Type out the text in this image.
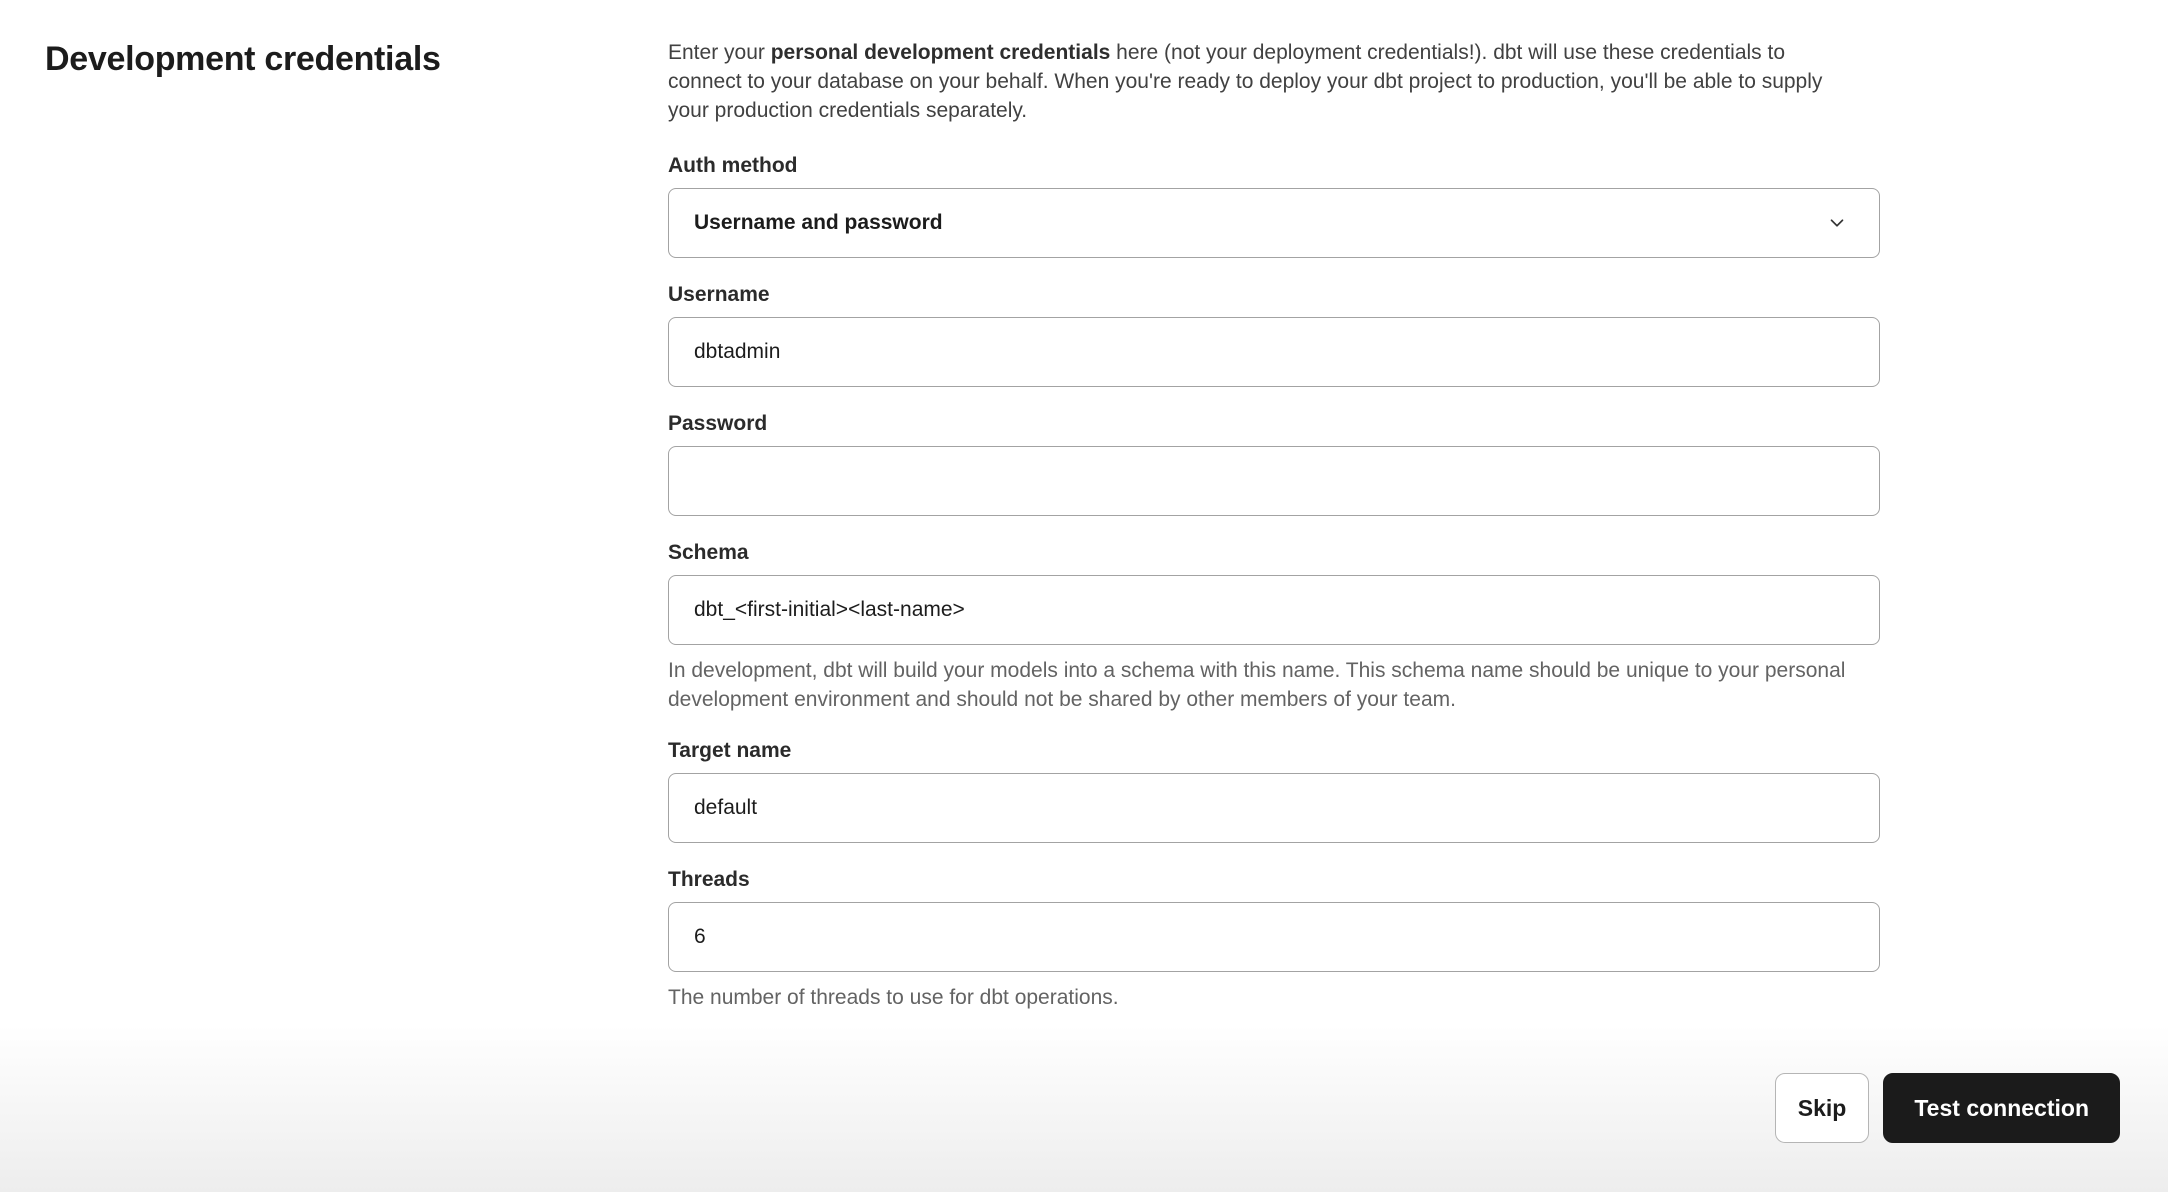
Development credentials	Enter your personal development credentials here (not your deployment credentials!). dbt will use these credentials to connect to your database on your behalf. When you're ready to deploy your dbt project to production, you'll be able to supply your production credentials separately.

Auth method
Username and password
Username
dbtadmin
Password
Schema
dbt_<first-initial><last-name>

In development, dbt will build your models into a schema with this name. This schema name should be unique to your personal development environment and should not be shared by other members of your team.

Target name
default
Threads
6

The number of threads to use for dbt operations.

Skip	Test connection
